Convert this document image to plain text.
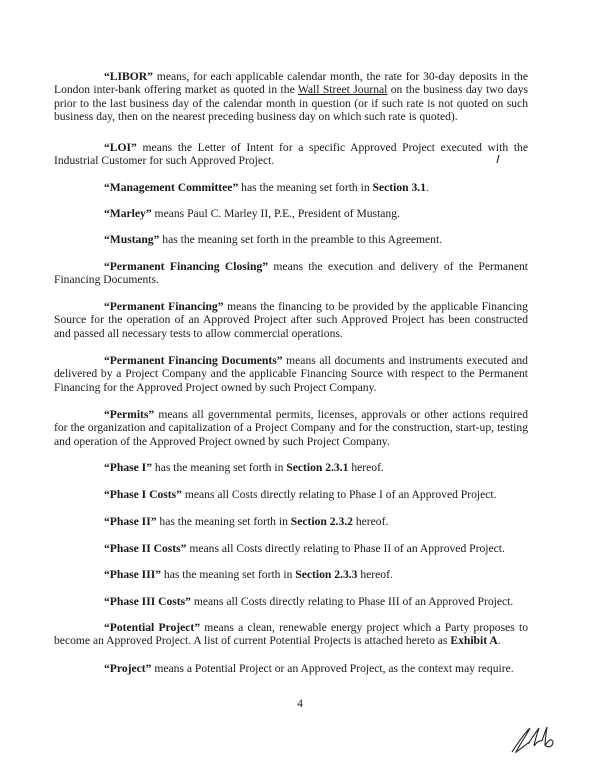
“LIBOR” means, for each applicable calendar month, the rate for 30-day deposits in the London inter-bank offering market as quoted in the Wall Street Journal on the business day two days prior to the last business day of the calendar month in question (or if such rate is not quoted on such business day, then on the nearest preceding business day on which such rate is quoted).

“LOI” means the Letter of Intent for a specific Approved Project executed with the Industrial Customer for such Approved Project.

“Management Committee” has the meaning set forth in Section 3.1.

“Marley” means Paul C. Marley II, P.E., President of Mustang.

“Mustang” has the meaning set forth in the preamble to this Agreement.

“Permanent Financing Closing” means the execution and delivery of the Permanent Financing Documents.

“Permanent Financing” means the financing to be provided by the applicable Financing Source for the operation of an Approved Project after such Approved Project has been constructed and passed all necessary tests to allow commercial operations.

“Permanent Financing Documents” means all documents and instruments executed and delivered by a Project Company and the applicable Financing Source with respect to the Permanent Financing for the Approved Project owned by such Project Company.

“Permits” means all governmental permits, licenses, approvals or other actions required for the organization and capitalization of a Project Company and for the construction, start-up, testing and operation of the Approved Project owned by such Project Company.

“Phase I” has the meaning set forth in Section 2.3.1 hereof.

“Phase I Costs” means all Costs directly relating to Phase I of an Approved Project.

“Phase II” has the meaning set forth in Section 2.3.2 hereof.

“Phase II Costs” means all Costs directly relating to Phase II of an Approved Project.

“Phase III” has the meaning set forth in Section 2.3.3 hereof.

“Phase III Costs” means all Costs directly relating to Phase III of an Approved Project.

“Potential Project” means a clean, renewable energy project which a Party proposes to become an Approved Project. A list of current Potential Projects is attached hereto as Exhibit A.

“Project” means a Potential Project or an Approved Project, as the context may require.

4
